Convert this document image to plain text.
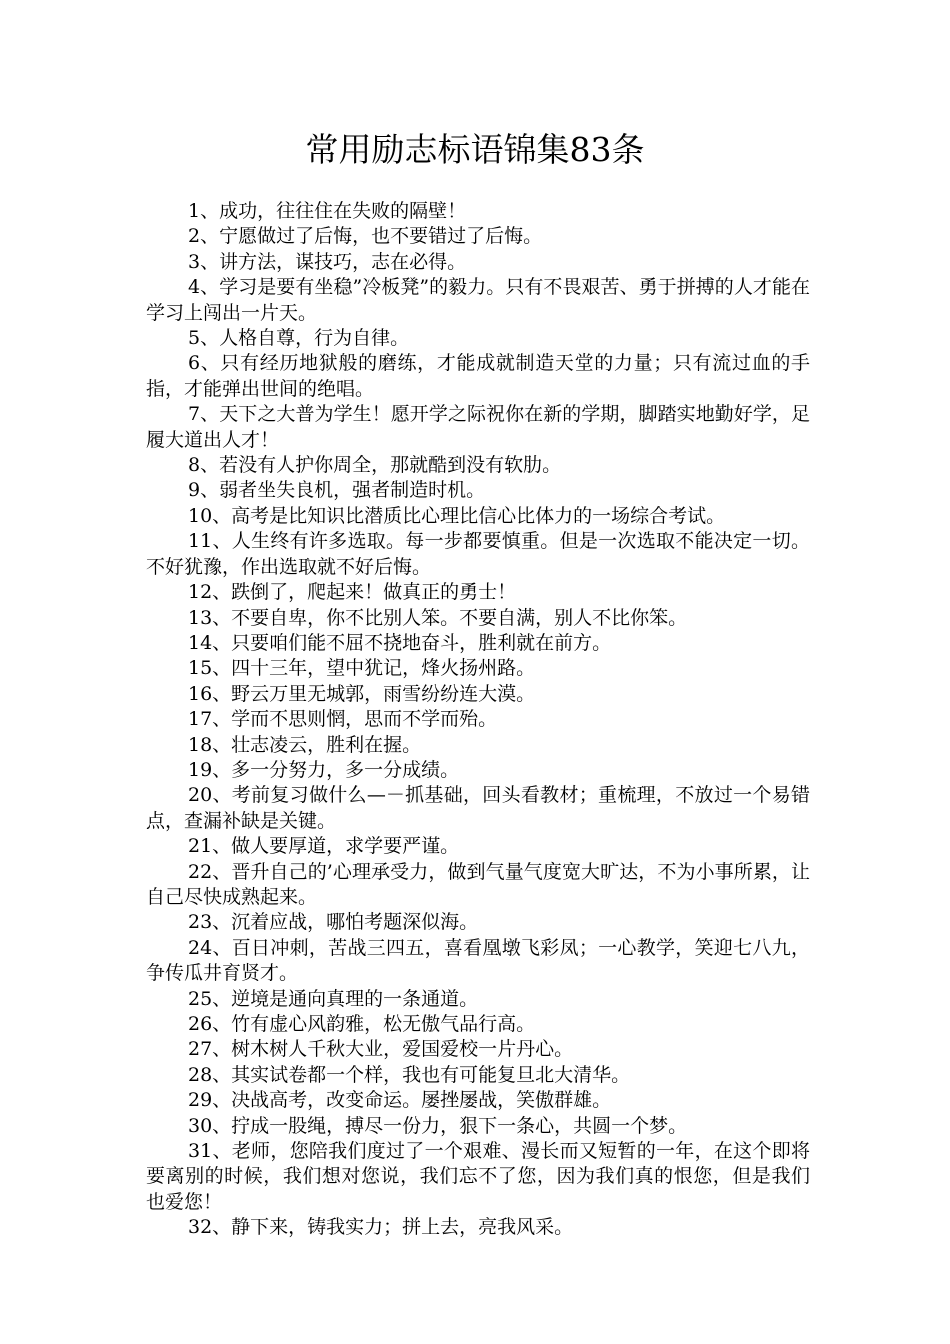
常用励志标语锦集83条

1、成功，往往住在失败的隔壁！

2、宁愿做过了后悔，也不要错过了后悔。

3、讲方法，谋技巧，志在必得。

4、学习是要有坐稳”冷板凳”的毅力。只有不畏艰苦、勇于拼搏的人才能在学习上闯出一片天。

5、人格自尊，行为自律。

6、只有经历地狱般的磨练，才能成就制造天堂的力量；只有流过血的手指，才能弹出世间的绝唱。

7、天下之大普为学生！愿开学之际祝你在新的学期，脚踏实地勤好学，足履大道出人才！

8、若没有人护你周全，那就酷到没有软肋。

9、弱者坐失良机，强者制造时机。

10、高考是比知识比潜质比心理比信心比体力的一场综合考试。

11、人生终有许多选取。每一步都要慎重。但是一次选取不能决定一切。不好犹豫，作出选取就不好后悔。

12、跌倒了，爬起来！做真正的勇士！

13、不要自卑，你不比别人笨。不要自满，别人不比你笨。

14、只要咱们能不屈不挠地奋斗，胜利就在前方。

15、四十三年，望中犹记，烽火扬州路。

16、野云万里无城郭，雨雪纷纷连大漠。

17、学而不思则惘，思而不学而殆。

18、壮志凌云，胜利在握。

19、多一分努力，多一分成绩。

20、考前复习做什么—－抓基础，回头看教材；重梳理，不放过一个易错点，查漏补缺是关键。

21、做人要厚道，求学要严谨。

22、晋升自己的’心理承受力，做到气量气度宽大旷达，不为小事所累，让自己尽快成熟起来。

23、沉着应战，哪怕考题深似海。

24、百日冲刺，苦战三四五，喜看凰墩飞彩凤；一心教学，笑迎七八九，争传瓜井育贤才。

25、逆境是通向真理的一条通道。

26、竹有虚心风韵雅，松无傲气品行高。

27、树木树人千秋大业，爱国爱校一片丹心。

28、其实试卷都一个样，我也有可能复旦北大清华。

29、决战高考，改变命运。屡挫屡战，笑傲群雄。

30、拧成一股绳，搏尽一份力，狠下一条心，共圆一个梦。

31、老师，您陪我们度过了一个艰难、漫长而又短暂的一年，在这个即将要离别的时候，我们想对您说，我们忘不了您，因为我们真的恨您，但是我们也爱您！

32、静下来，铸我实力；拼上去，亮我风采。
